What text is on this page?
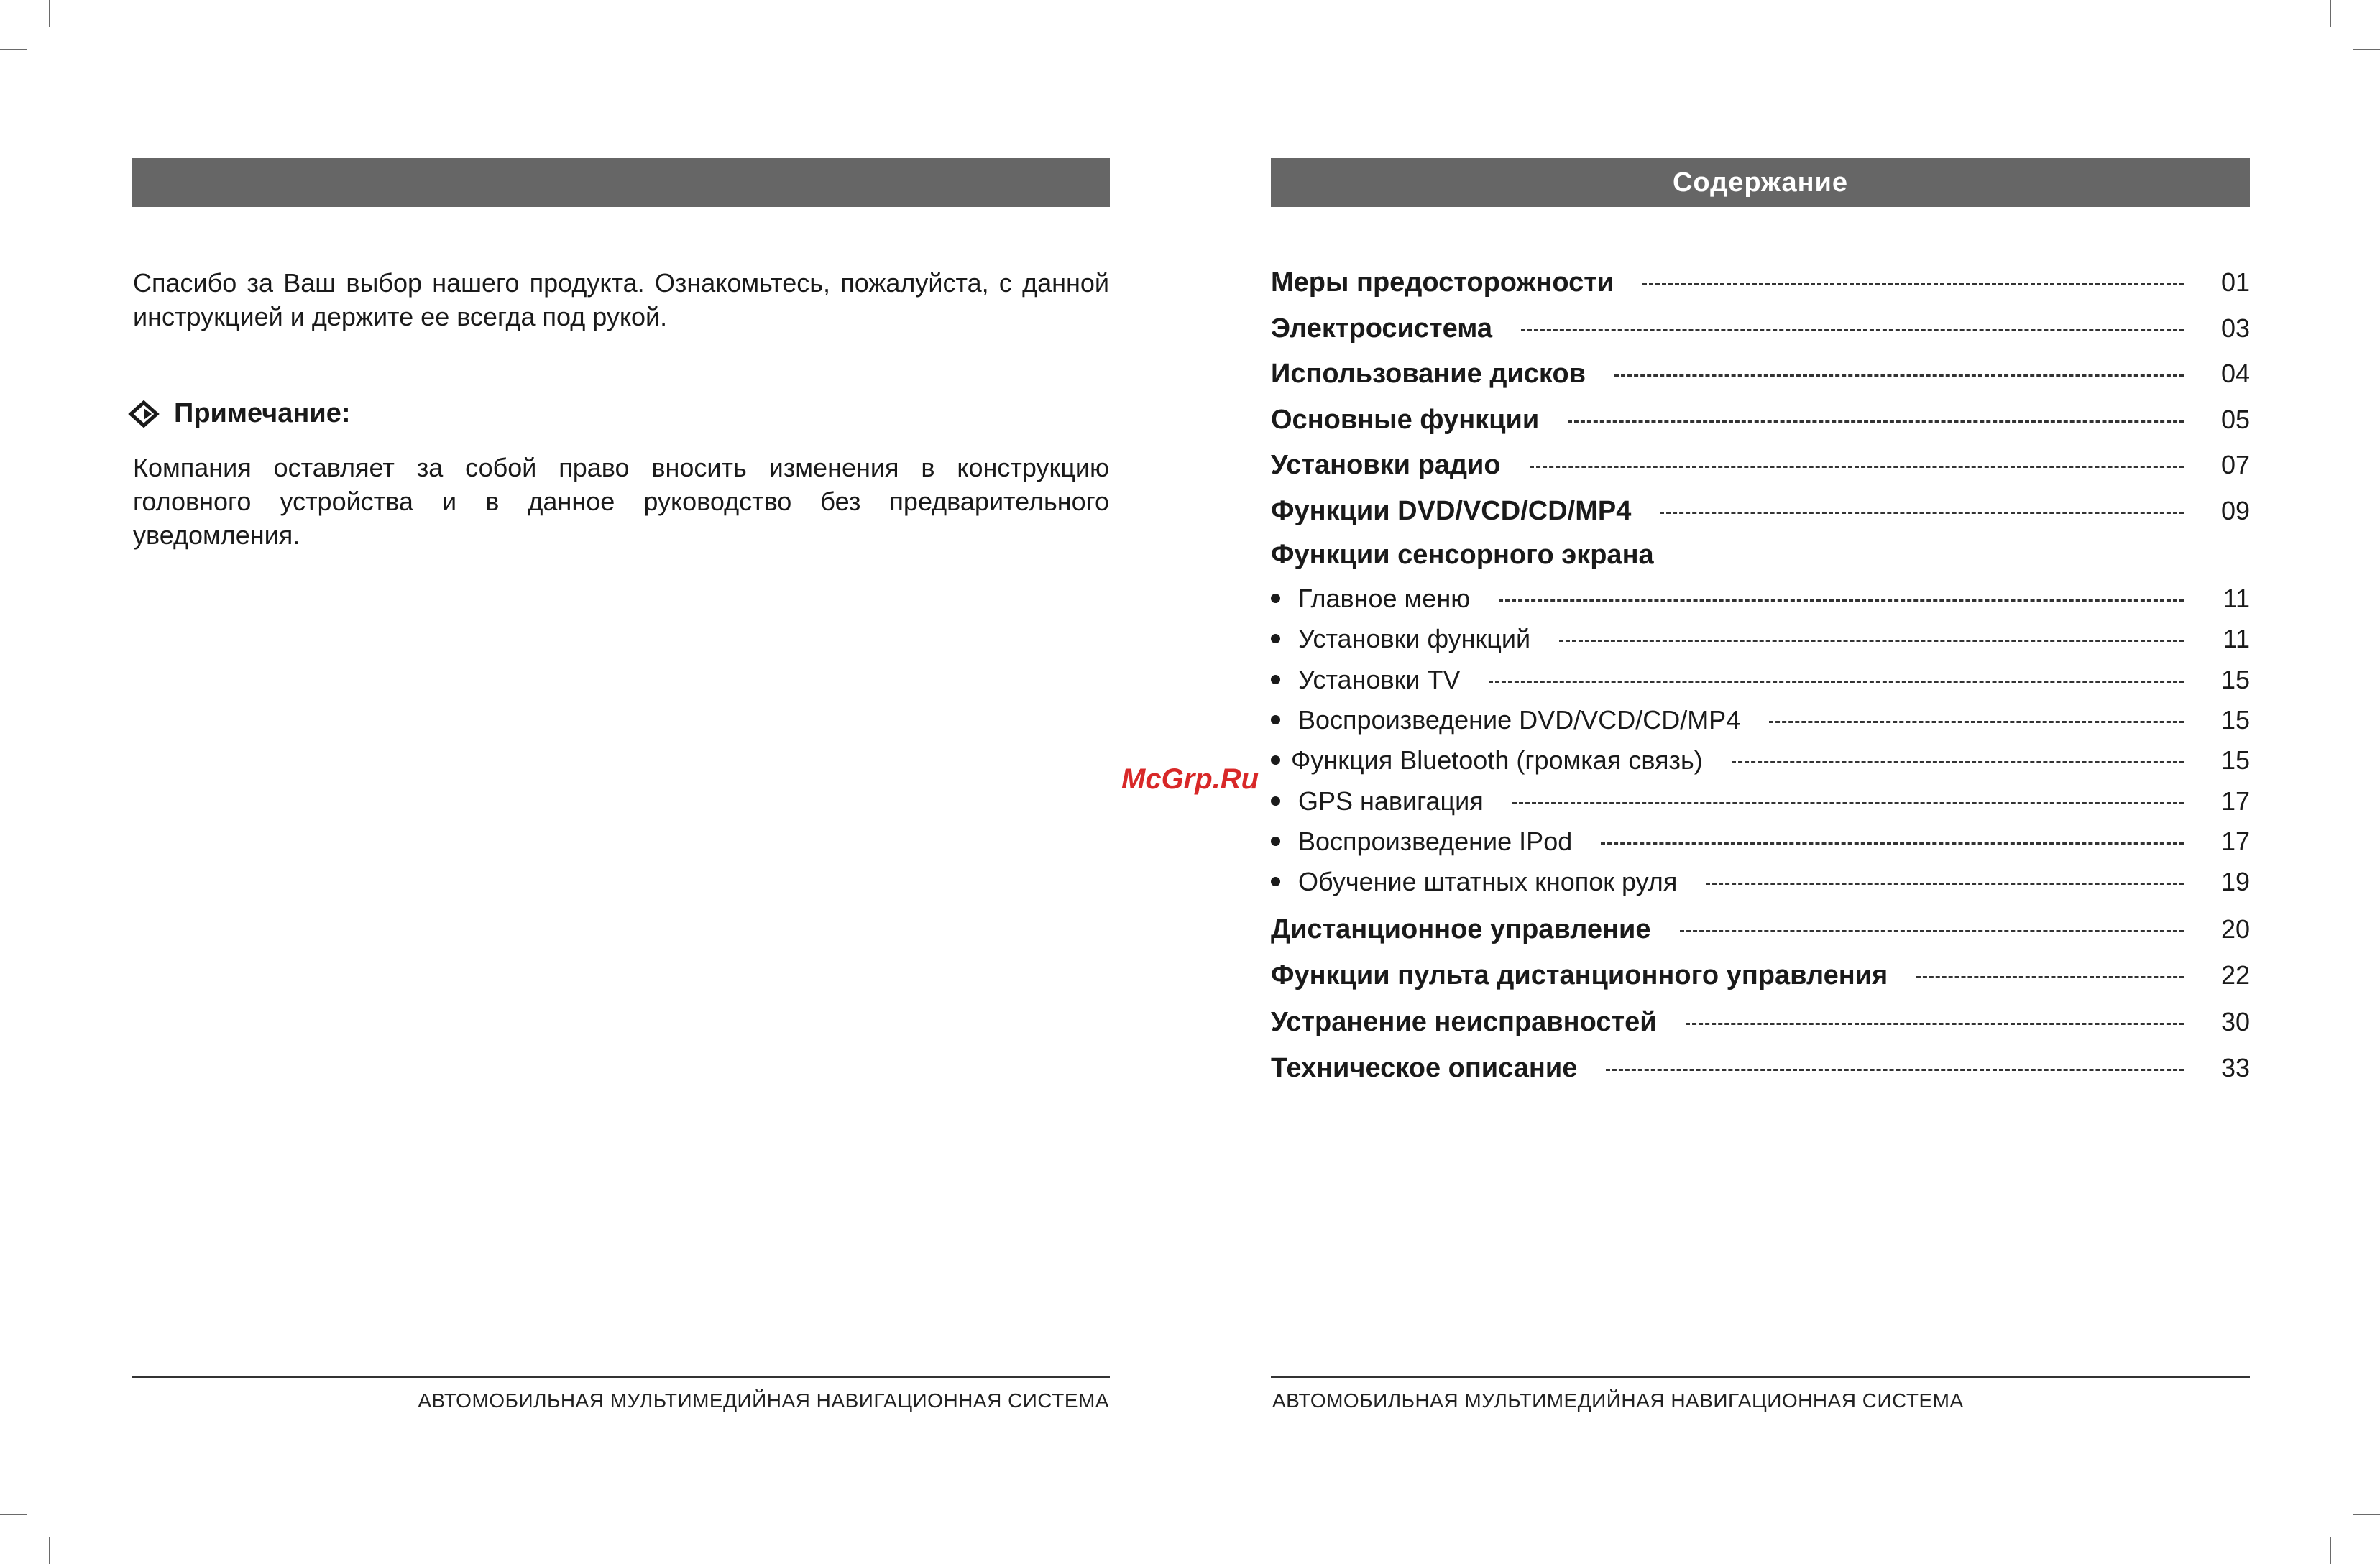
Спасибо за Ваш выбор нашего продукта. Ознакомьтесь, пожалуйста, с данной инструкцией и держите ее всегда под рукой.
Примечание:
Компания оставляет за собой право вносить изменения в конструкцию головного устройства и в данное руководство без предварительного уведомления.
АВТОМОБИЛЬНАЯ МУЛЬТИМЕДИЙНАЯ НАВИГАЦИОННАЯ СИСТЕМА
McGrp.Ru
Содержание
Меры предосторожности	01
Электросистема	03
Использование дисков	04
Основные функции	05
Установки радио	07
Функции DVD/VCD/CD/MP4	09
Функции сенсорного экрана
Главное меню	11
Установки функций	11
Установки TV	15
Воспроизведение DVD/VCD/CD/MP4	15
Функция Bluetooth (громкая связь)	15
GPS навигация	17
Воспроизведение IPod	17
Обучение штатных кнопок руля	19
Дистанционное управление	20
Функции пульта дистанционного управления	22
Устранение неисправностей	30
Техническое описание	33
АВТОМОБИЛЬНАЯ МУЛЬТИМЕДИЙНАЯ НАВИГАЦИОННАЯ СИСТЕМА
